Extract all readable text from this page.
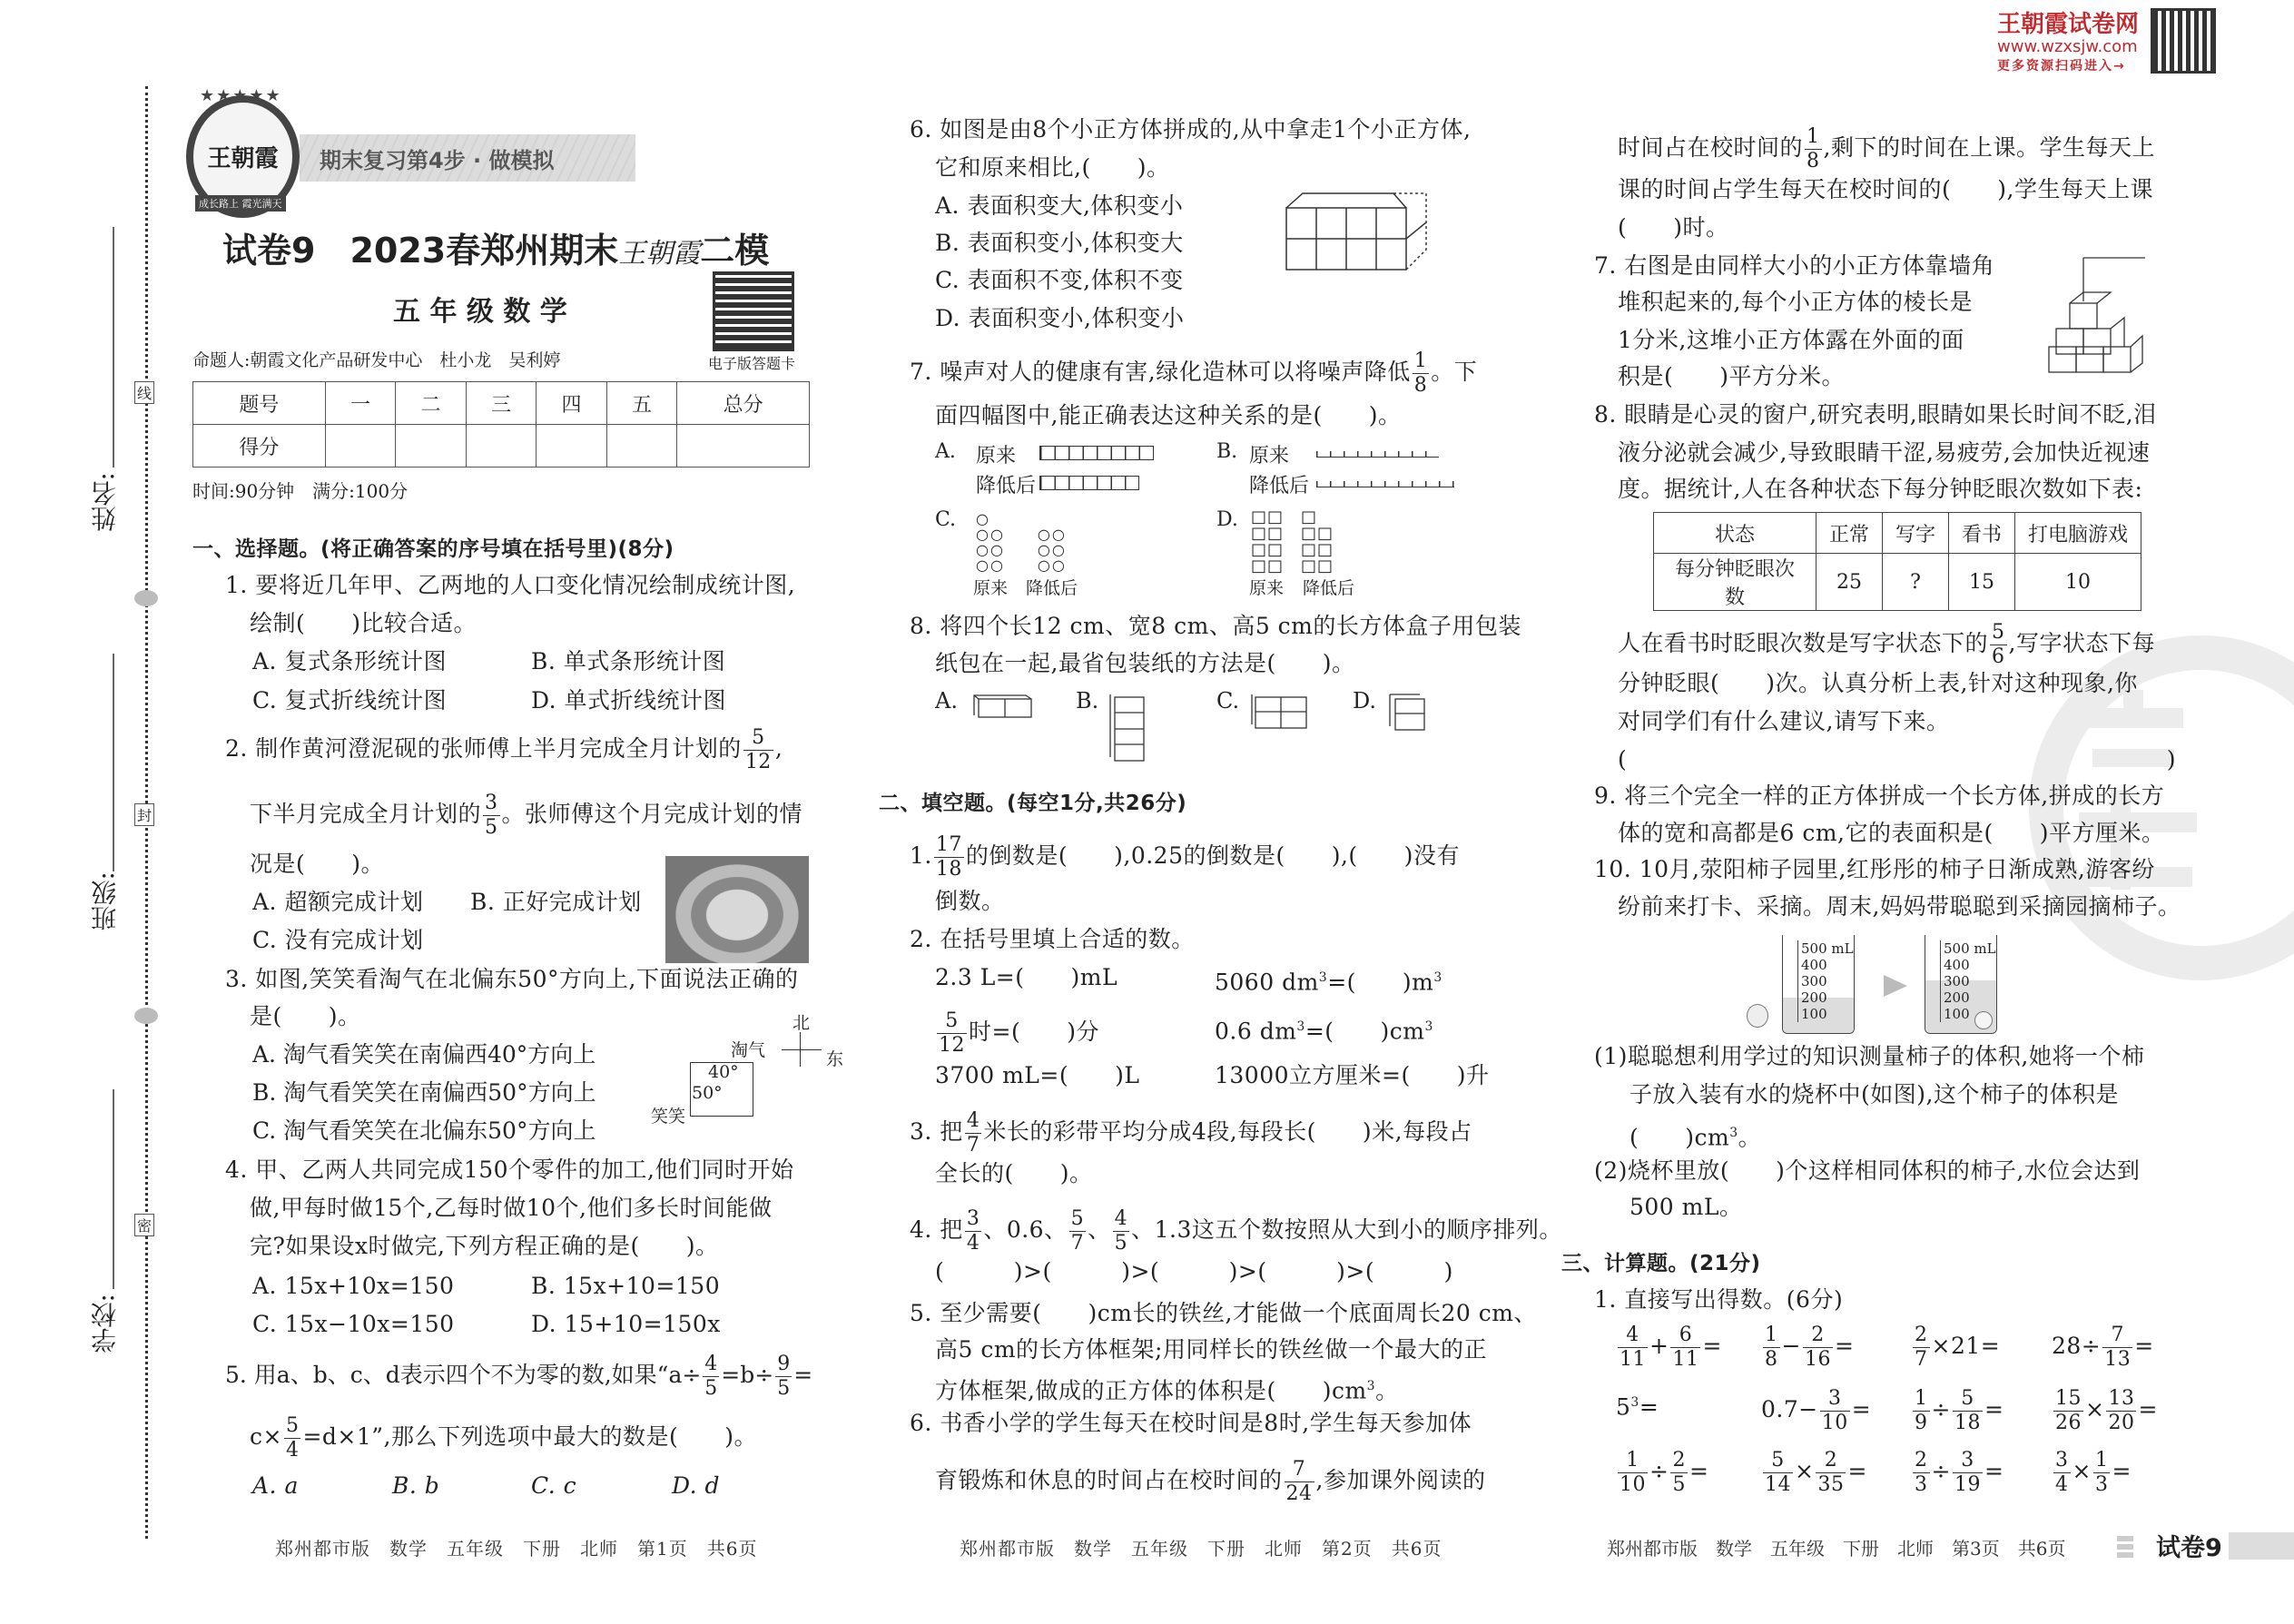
王朝霞试卷网
www.wzxsjw.com
更多资源扫码进入→
姓名:
班级:
学校:
线
封
密
王朝霞
★★★★★
成长路上 霞光满天
期末复习第4步 · 做模拟
试卷9　2023春郑州期末王朝霞二模
五 年 级 数 学
电子版答题卡
命题人:朝霞文化产品研发中心　杜小龙　吴利婷
题号	一	二	三	四	五	总分
得分						
时间:90分钟　满分:100分
一、选择题。(将正确答案的序号填在括号里)(8分)
1. 要将近几年甲、乙两地的人口变化情况绘制成统计图,
绘制(　　)比较合适。
A. 复式条形统计图	B. 单式条形统计图
C. 复式折线统计图	D. 单式折线统计图
2. 制作黄河澄泥砚的张师傅上半月完成全月计划的 $\frac{5}{12}$ ,
下半月完成全月计划的 $\frac{3}{5}$ 。张师傅这个月完成计划的情
况是(　　)。
A. 超额完成计划 B. 正好完成计划
C. 没有完成计划
3. 如图,笑笑看淘气在北偏东50°方向上,下面说法正确的
是(　　)。
A. 淘气看笑笑在南偏西40°方向上
B. 淘气看笑笑在南偏西50°方向上
C. 淘气看笑笑在北偏东50°方向上
淘气
北
东
40°
50°
笑笑
4. 甲、乙两人共同完成150个零件的加工,他们同时开始
做,甲每时做15个,乙每时做10个,他们多长时间能做
完?如果设x时做完,下列方程正确的是(　　)。
A. 15x+10x=150	B. 15x+10=150
C. 15x−10x=150	D. 15+10=150x
5. 用a、b、c、d表示四个不为零的数,如果“$a\div \frac{4}{5} =b\div \frac{9}{5}$ =
$c\times \frac{5}{4} =d\times 1$”,那么下列选项中最大的数是(　　)。
A. a	B. b	C. c	D. d
郑州都市版　数学　五年级　下册　北师　第1页　共6页
6. 如图是由8个小正方体拼成的,从中拿走1个小正方体,
它和原来相比,(　　)。
A. 表面积变大,体积变小
B. 表面积变小,体积变大
C. 表面积不变,体积不变
D. 表面积变小,体积变小
7. 噪声对人的健康有害,绿化造林可以将噪声降低 $\frac{1}{8}$ 。下
面四幅图中,能正确表达这种关系的是(　　)。
A. 原来
降低后
B. 原来
降低后
C. ○
○○　　○○
○○　　○○
○○　　○○
原来 降低后
D. □□　□
□□　□□
□□　□□
□□　□□
原来 降低后
8. 将四个长12 cm、宽8 cm、高5 cm的长方体盒子用包装
纸包在一起,最省包装纸的方法是(　　)。
A.	B.	C.	D.
二、填空题。(每空1分,共26分)
1. $\frac{17}{18}$ 的倒数是(　　),0.25的倒数是(　　),(　　)没有
倒数。
2. 在括号里填上合适的数。
2.3 L=(　　)mL	5060 $dm^3=$(　　)$m^3$
$\frac{5}{12}$ 时=(　　)分	0.6 $dm^3=$(　　)$cm^3$
3700 mL=(　　)L	13000立方厘米=(　　)升
3. 把 $\frac{4}{7}$ 米长的彩带平均分成4段,每段长(　　)米,每段占
全长的(　　)。
4. 把 $\frac{3}{4}$ 、0.6、 $\frac{5}{7}$ 、 $\frac{4}{5}$ 、1.3这五个数按照从大到小的顺序排列。
(　　　)>(　　　)>(　　　)>(　　　)>(　　　)
5. 至少需要(　　)cm长的铁丝,才能做一个底面周长20 cm、
高5 cm的长方体框架;用同样长的铁丝做一个最大的正
方体框架,做成的正方体的体积是(　　)$cm^3$。
6. 书香小学的学生每天在校时间是8时,学生每天参加体
育锻炼和休息的时间占在校时间的 $\frac{7}{24}$ ,参加课外阅读的
郑州都市版　数学　五年级　下册　北师　第2页　共6页
时间占在校时间的 $\frac{1}{8}$ ,剩下的时间在上课。学生每天上
课的时间占学生每天在校时间的(　　),学生每天上课
(　　)时。
7. 右图是由同样大小的小正方体靠墙角
堆积起来的,每个小正方体的棱长是
1分米,这堆小正方体露在外面的面
积是(　　)平方分米。
8. 眼睛是心灵的窗户,研究表明,眼睛如果长时间不眨,泪
液分泌就会减少,导致眼睛干涩,易疲劳,会加快近视速
度。据统计,人在各种状态下每分钟眨眼次数如下表:
状态	正常	写字	看书	打电脑游戏
每分钟眨眼次数	25	?	15	10
人在看书时眨眼次数是写字状态下的 $\frac{5}{6}$ ,写字状态下每
分钟眨眼(　　)次。认真分析上表,针对这种现象,你
对同学们有什么建议,请写下来。
(	)
9. 将三个完全一样的正方体拼成一个长方体,拼成的长方
体的宽和高都是6 cm,它的表面积是(　　)平方厘米。
10. 10月,荥阳柿子园里,红彤彤的柿子日渐成熟,游客纷
纷前来打卡、采摘。周末,妈妈带聪聪到采摘园摘柿子。
500 mL
400
300
200
100
500 mL
400
300
200
100
(1)聪聪想利用学过的知识测量柿子的体积,她将一个柿
子放入装有水的烧杯中(如图),这个柿子的体积是
(　　)$cm^3$。
(2)烧杯里放(　　)个这样相同体积的柿子,水位会达到
500 mL。
三、计算题。(21分)
1. 直接写出得数。(6分)
$\frac{4}{11} + \frac{6}{11} = \frac{1}{8} - \frac{2}{16}$ =	$\frac{2}{7} \times 21= 28\div \frac{7}{13}$ =
$5^3=$	$0.7- \frac{3}{10} = \frac{1}{9} \div \frac{5}{18} = \frac{15}{26} \times \frac{13}{20}$ =
$\frac{1}{10} \div \frac{2}{5}$ =	$\frac{5}{14} \times \frac{2}{35} = \frac{2}{3} \div \frac{3}{19} = \frac{3}{4} \times \frac{1}{3}$ =
郑州都市版　数学　五年级　下册　北师　第3页　共6页	试卷9
